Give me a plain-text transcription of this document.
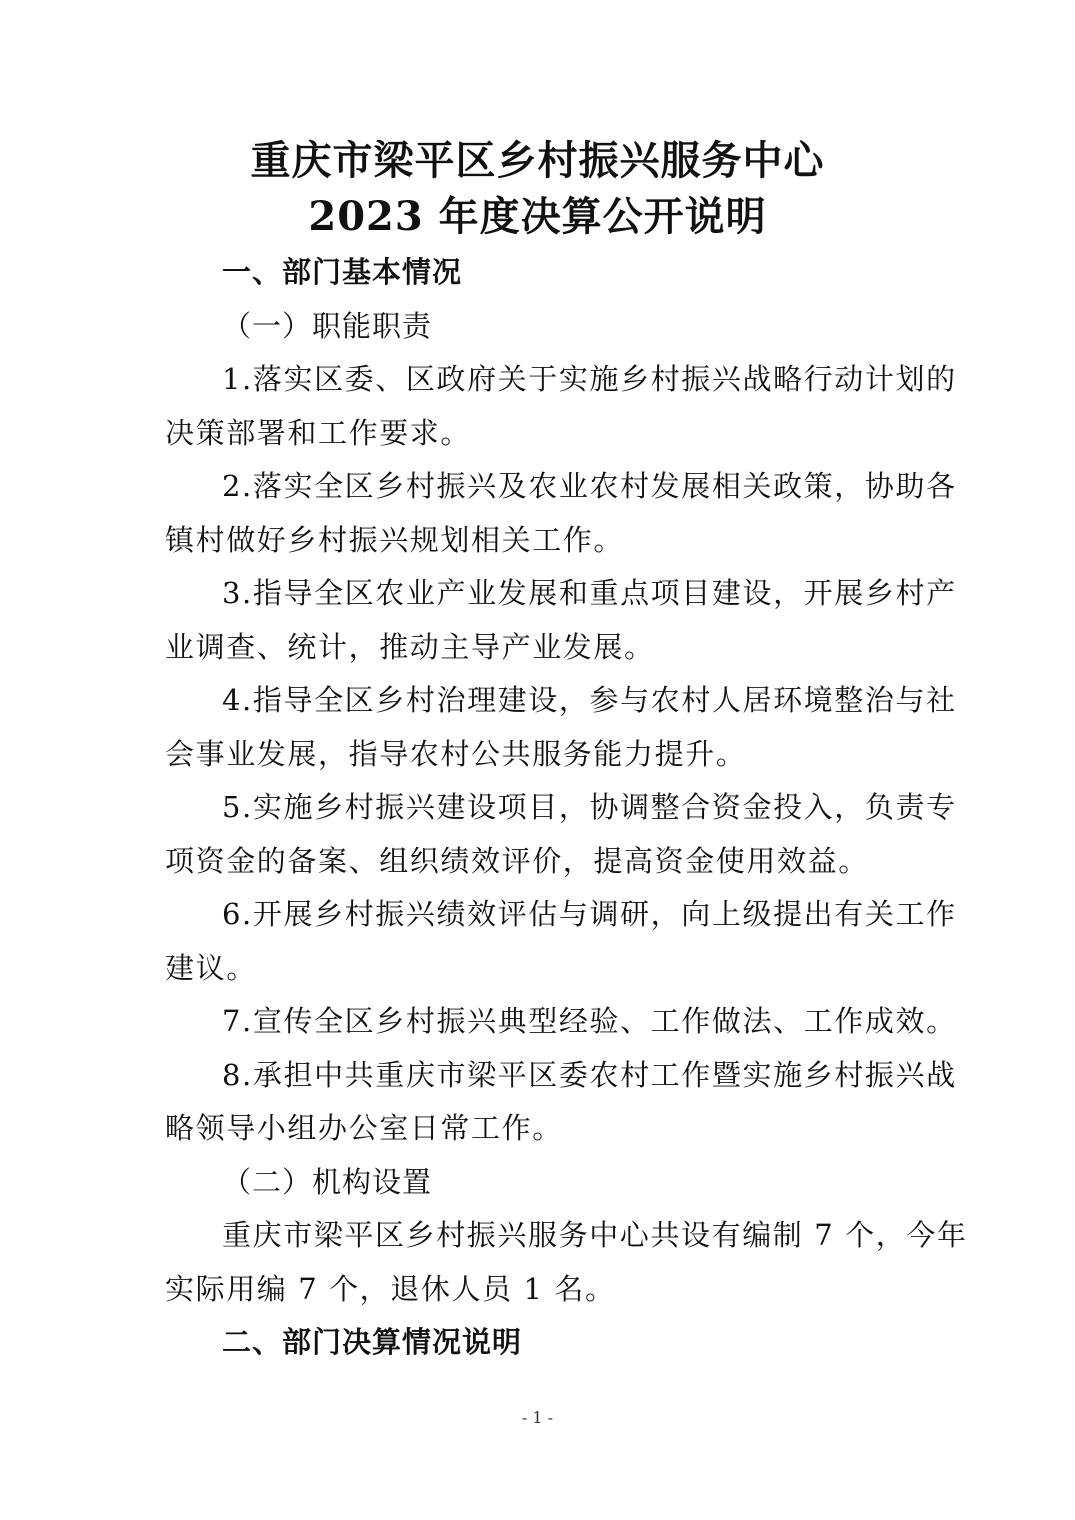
重庆市梁平区乡村振兴服务中心
2023 年度决算公开说明
一、部门基本情况
（一）职能职责
1.落实区委、区政府关于实施乡村振兴战略行动计划的
决策部署和工作要求。
2.落实全区乡村振兴及农业农村发展相关政策，协助各
镇村做好乡村振兴规划相关工作。
3.指导全区农业产业发展和重点项目建设，开展乡村产
业调查、统计，推动主导产业发展。
4.指导全区乡村治理建设，参与农村人居环境整治与社
会事业发展，指导农村公共服务能力提升。
5.实施乡村振兴建设项目，协调整合资金投入，负责专
项资金的备案、组织绩效评价，提高资金使用效益。
6.开展乡村振兴绩效评估与调研，向上级提出有关工作
建议。
7.宣传全区乡村振兴典型经验、工作做法、工作成效。
8.承担中共重庆市梁平区委农村工作暨实施乡村振兴战
略领导小组办公室日常工作。
（二）机构设置
重庆市梁平区乡村振兴服务中心共设有编制 7 个，今年
实际用编 7 个，退休人员 1 名。
二、部门决算情况说明
- 1 -
